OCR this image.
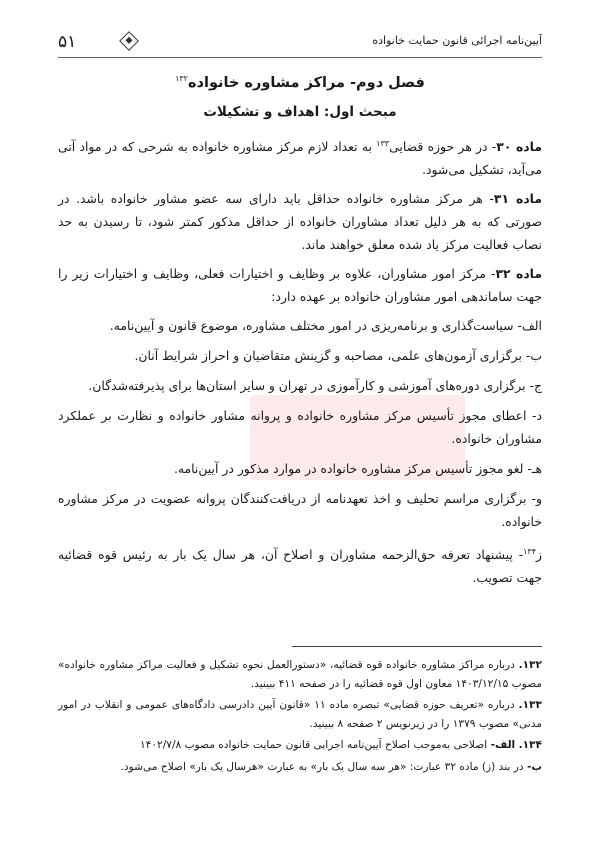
۵۱	آیین‌نامه اجرائی قانون حمایت خانواده
فصل دوم- مراکز مشاوره خانواده$^{۱۳۲}$
مبحث اول: اهداف و تشکیلات

ماده ۳۰- در هر حوزه قضایی$^{۱۳۳}$ به تعداد لازم مرکز مشاوره خانواده به شرحی که در مواد آتی می‌آید، تشکیل می‌شود.

ماده ۳۱- هر مرکز مشاوره خانواده حداقل باید دارای سه عضو مشاور خانواده باشد. در صورتی که به هر دلیل تعداد مشاوران خانواده از حداقل مذکور کمتر شود، تا رسیدن به حد نصاب فعالیت مرکز یاد شده معلق خواهند ماند.

ماده ۳۲- مرکز امور مشاوران، علاوه بر وظایف و اختیارات فعلی، وظایف و اختیارات زیر را جهت ساماندهی امور مشاوران خانواده بر عهده دارد:

الف- سیاست‌گذاری و برنامه‌ریزی در امور مختلف مشاوره، موضوع قانون و آیین‌نامه.

ب- برگزاری آزمون‌های علمی، مصاحبه و گزینش متقاضیان و احراز شرایط آنان.

ج- برگزاری دوره‌های آموزشی و کارآموزی در تهران و سایر استان‌ها برای پذیرفته‌شدگان.

د- اعطای مجوز تأسیس مرکز مشاوره خانواده و پروانه مشاور خانواده و نظارت بر عملکرد مشاوران خانواده.

هـ- لغو مجوز تأسیس مرکز مشاوره خانواده در موارد مذکور در آیین‌نامه.

و- برگزاری مراسم تحلیف و اخذ تعهدنامه از دریافت‌کنندگان پروانه عضویت در مرکز مشاوره خانواده.

ز$^{۱۳۴}$- پیشنهاد تعرفه حق‌الزحمه مشاوران و اصلاح آن، هر سال یک بار به رئیس قوه قضائیه جهت تصویب.

۱۳۲. درباره مراکز مشاوره خانواده قوه قضائیه، «دستورالعمل نحوه تشکیل و فعالیت مراکز مشاوره خانواده» مصوب ۱۴۰۳/۱۲/۱۵ معاون اول قوه قضائیه را در صفحه ۴۱۱ ببینید.

۱۳۳. درباره «تعریف حوزه قضایی» تبصره ماده ۱۱ «قانون آیین دادرسی دادگاه‌های عمومی و انقلاب در امور مدنی» مصوب ۱۳۷۹ را در زیرنویس ۲ صفحه ۸ ببینید.

۱۳۴. الف- اصلاحی به‌موجب اصلاح آیین‌نامه اجرایی قانون حمایت خانواده مصوب ۱۴۰۲/۷/۸

ب- در بند (ز) ماده ۳۲ عبارت: «هر سه سال یک بار» به عبارت «هرسال یک بار» اصلاح می‌شود.
